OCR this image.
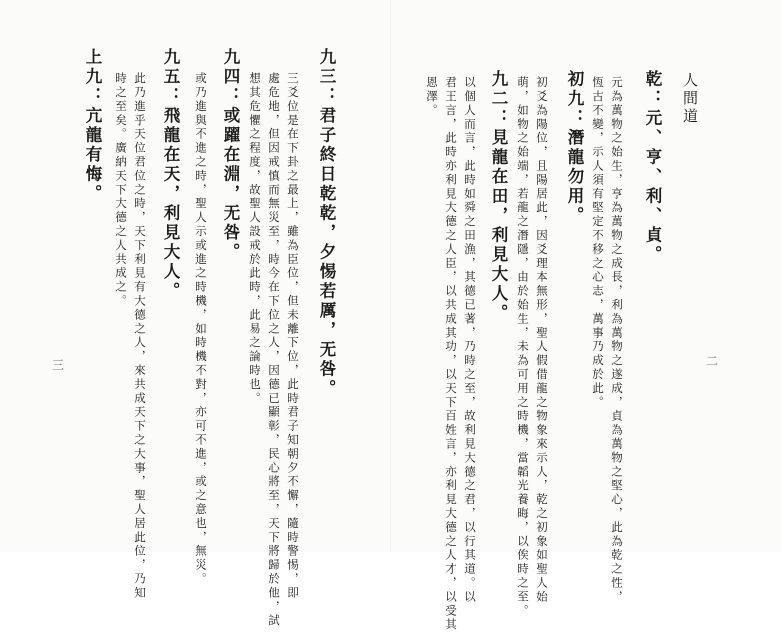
人間道
乾：元、亨、利、貞。
元為萬物之始生，亨為萬物之成長，利為萬物之遂成，貞為萬物之堅心，此為乾之性，
恆古不變，示人須有堅定不移之心志，萬事乃成於此。
初九：潛龍勿用。
初爻為陽位，且陽居此，因爻理本無形，聖人假借龍之物象來示人，乾之初象如聖人始
萌，如物之始端，若龍之潛隱，由於始生，未為可用之時機，當韜光養晦，以俟時之至。
九二：見龍在田，利見大人。
以個人而言，此時如舜之田漁，其德已著，乃時之至，故利見大德之君，以行其道。以
君王言，此時亦利見大德之人臣，以共成其功，以天下百姓言，亦利見大德之人才，以受其
恩澤。
二
九三：君子終日乾乾，夕惕若厲，无咎。
三爻位是在下卦之最上，雖為臣位，但未離下位，此時君子知朝夕不懈，隨時警惕，即
處危地，但因戒慎而無災至，時今在下位之人，因德已顯彰，民心將至，天下將歸於他，試
想其危懼之程度，故聖人設戒於此時，此易之論時也。
九四：或躍在淵，无咎。
或乃進與不進之時，聖人示或進之時機，如時機不對，亦可不進，或之意也，無災。
九五：飛龍在天，利見大人。
此乃進乎天位君位之時，天下利見有大德之人，來共成天下之大事，聖人居此位，乃知
時之至矣。廣納天下大德之人共成之。
上九：亢龍有悔。
三
